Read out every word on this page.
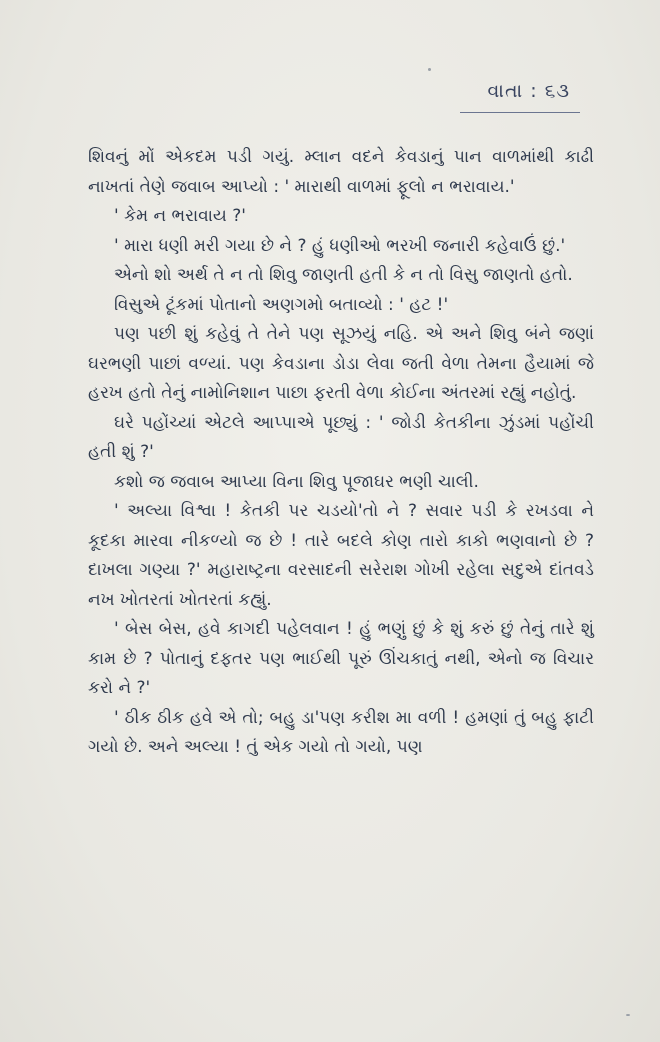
વાતા : ૬૩

શિવનું મોં એકદમ પડી ગયું. મ્લાન વદને કેવડાનું પાન વાળમાંથી કાઢી નાખતાં તેણે જવાબ આપ્યો : ' મારાથી વાળમાં ફૂલો ન ભરાવાય.'

' કેમ ન ભરાવાય ?'

' મારા ધણી મરી ગયા છે ને ? હું ધણીઓ ભરખી જનારી કહેવાઉં છું.'

એનો શો અર્થ તે ન તો શિવુ જાણતી હતી કે ન તો વિસુ જાણતો હતો.

વિસુએ ટૂંકમાં પોતાનો અણગમો બતાવ્યો : ' હટ !'

પણ પછી શું કહેવું તે તેને પણ સૂઝયું નહિ. એ અને શિવુ બંને જણાં ઘરભણી પાછાં વળ્યાં. પણ કેવડાના ડોડા લેવા જતી વેળા તેમના હૈયામાં જે હરખ હતો તેનું નામોનિશાન પાછા ફરતી વેળા કોઈના અંતરમાં રહ્યું નહોતું.

ઘરે પહોંચ્યાં એટલે આપ્પાએ પૂછ્યું : ' જોડી કેતકીના ઝુંડમાં પહોંચી હતી શું ?'

કશો જ જવાબ આપ્યા વિના શિવુ પૂજાઘર ભણી ચાલી.

' અલ્યા વિશ્વા ! કેતકી પર ચડયો'તો ને ? સવાર પડી કે રખડવા ને કૂદકા મારવા નીકળ્યો જ છે ! તારે બદલે કોણ તારો કાકો ભણવાનો છે ? દાખલા ગણ્યા ?' મહારાષ્ટ્રના વરસાદની સરેરાશ ગોખી રહેલા સદુએ દાંતવડે નખ ખોતરતાં ખોતરતાં કહ્યું.

' બેસ બેસ, હવે કાગદી પહેલવાન ! હું ભણું છું કે શું કરું છું તેનું તારે શું કામ છે ? પોતાનું દફતર પણ ભાઈથી પૂરું ઊંચકાતું નથી, એનો જ વિચાર કરો ને ?'

' ઠીક ઠીક હવે એ તો; બહુ ડા'પણ કરીશ મા વળી ! હમણાં તું બહુ ફાટી ગયો છે. અને અલ્યા ! તું એક ગયો તો ગયો, પણ
